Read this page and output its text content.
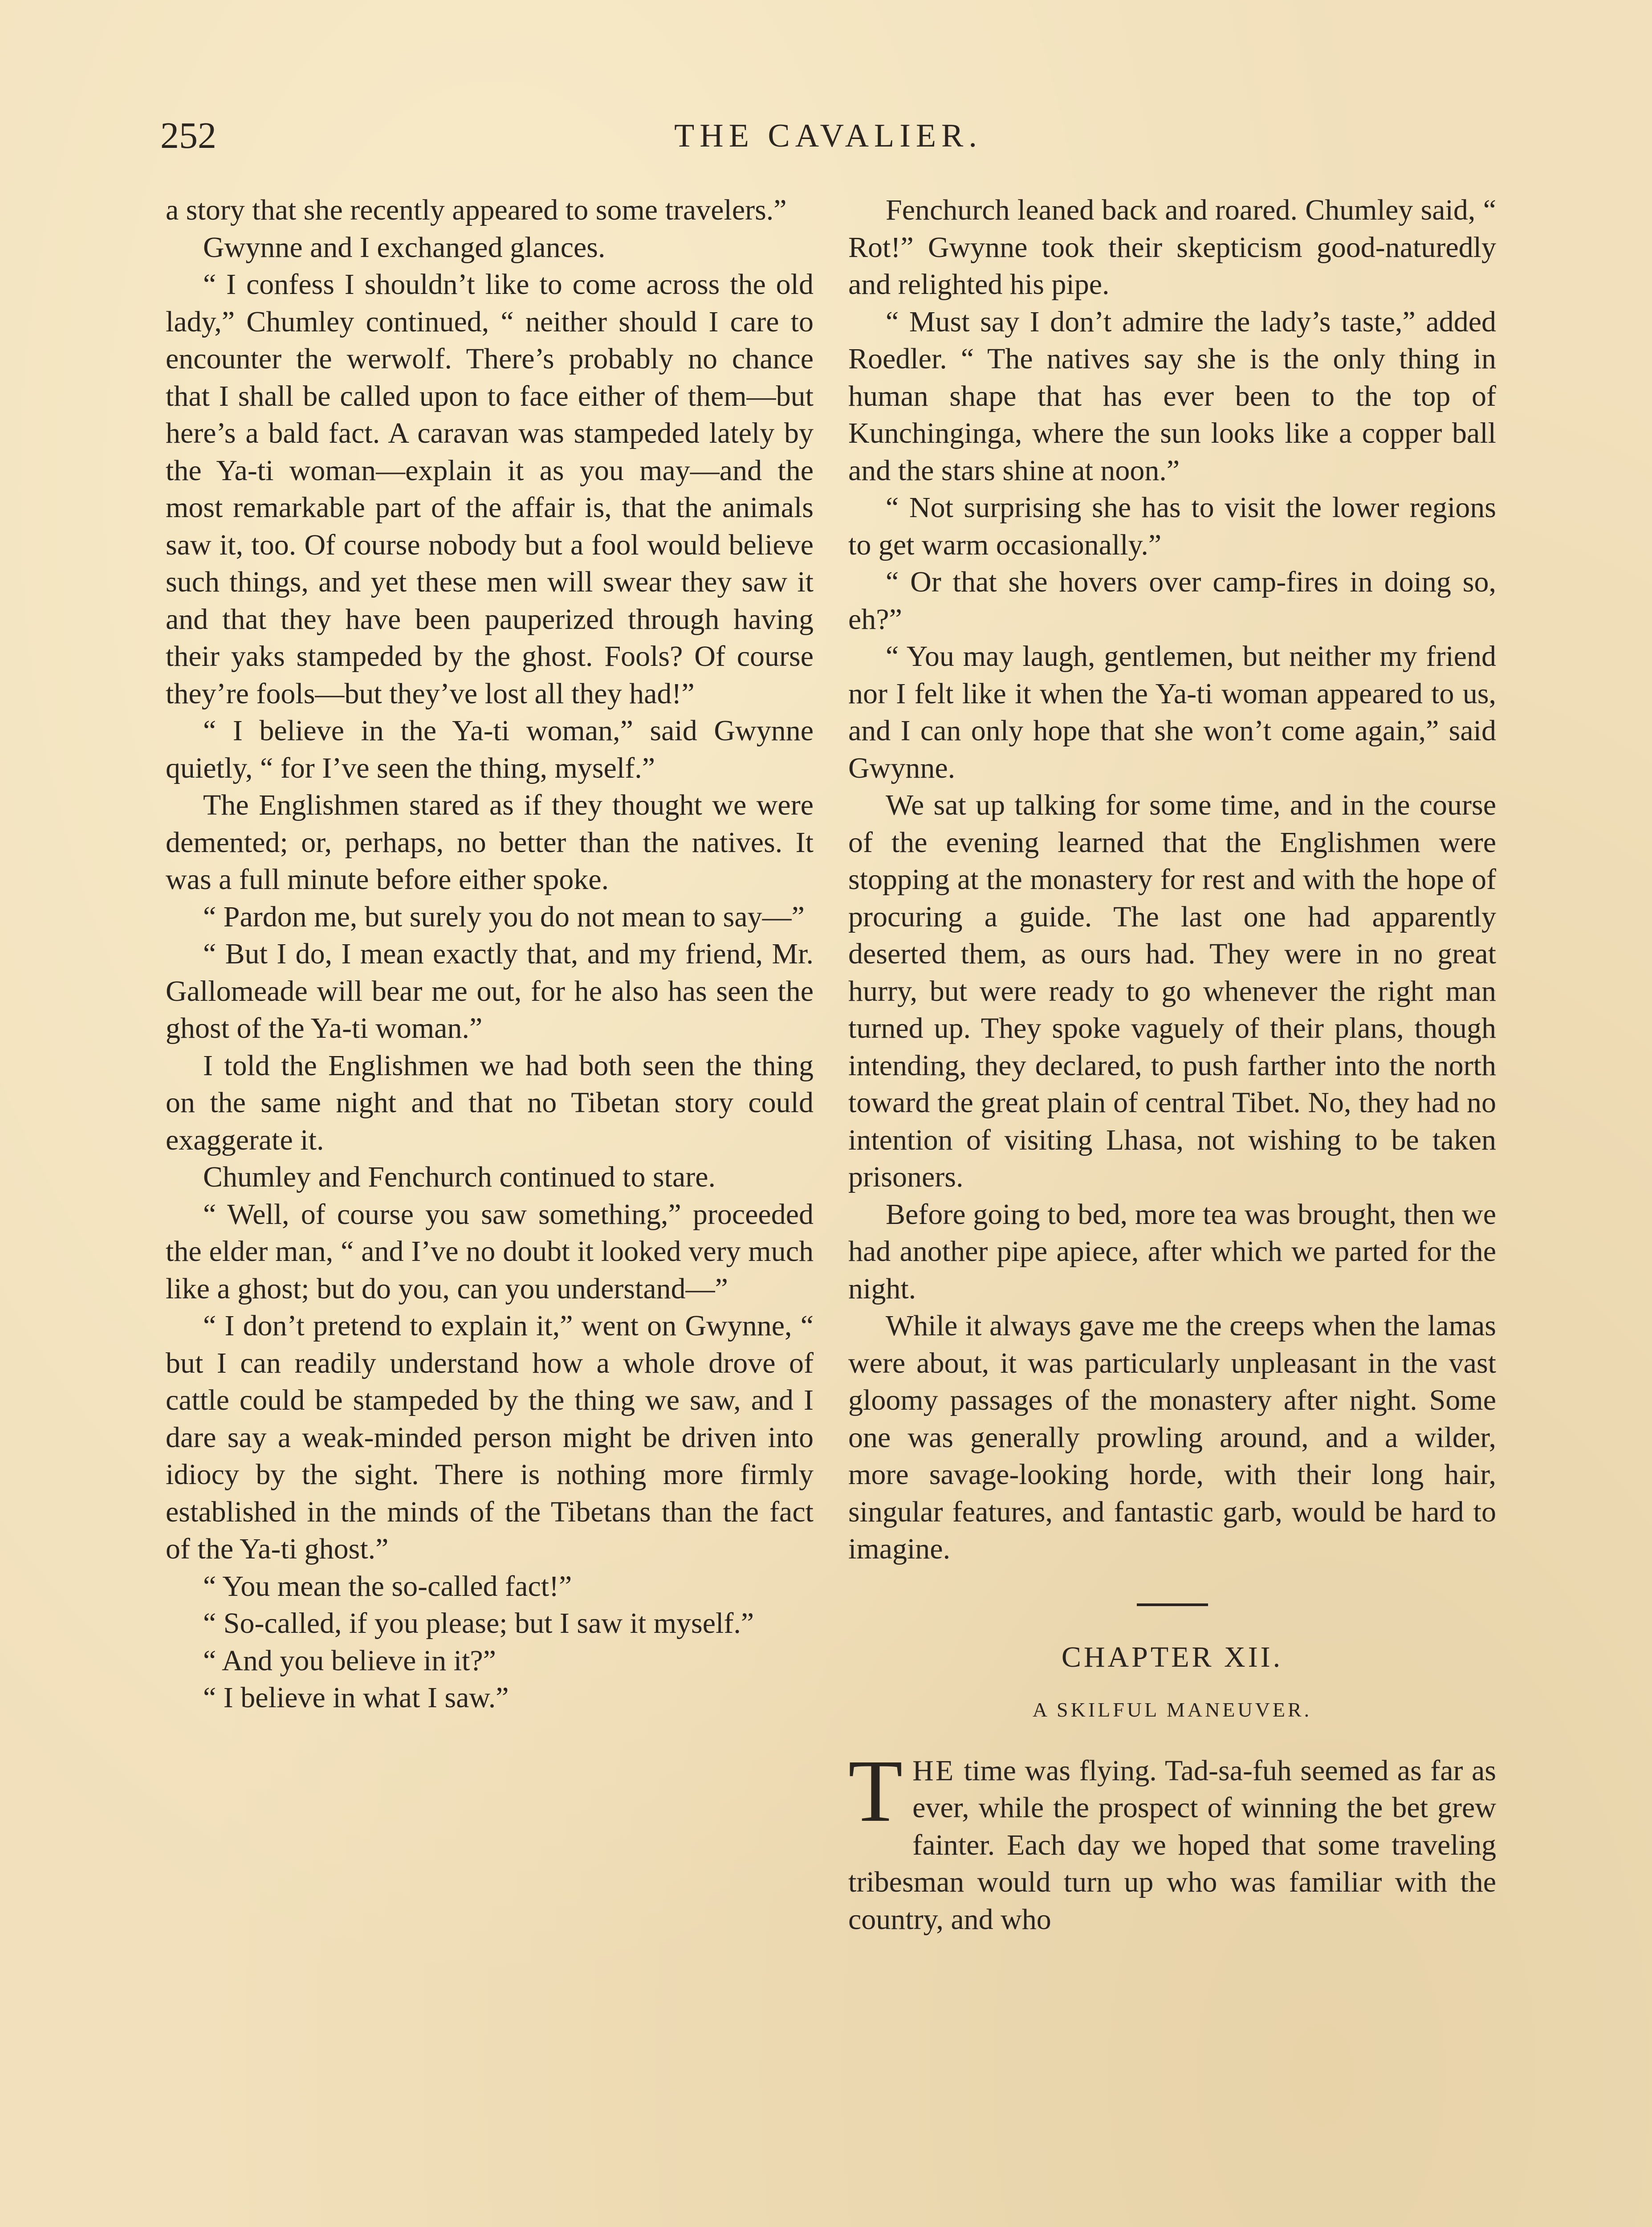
252	THE CAVALIER.

a story that she recently appeared to some travelers.”

Gwynne and I exchanged glances.

“ I confess I shouldn’t like to come across the old lady,” Chumley continued, “ neither should I care to encounter the werwolf. There’s probably no chance that I shall be called upon to face either of them—but here’s a bald fact. A caravan was stampeded lately by the Ya-ti woman—explain it as you may—and the most remarkable part of the affair is, that the animals saw it, too. Of course nobody but a fool would believe such things, and yet these men will swear they saw it and that they have been pauperized through having their yaks stampeded by the ghost. Fools? Of course they’re fools—but they’ve lost all they had!”

“ I believe in the Ya-ti woman,” said Gwynne quietly, “ for I’ve seen the thing, myself.”

The Englishmen stared as if they thought we were demented; or, perhaps, no better than the natives. It was a full minute before either spoke.

“ Pardon me, but surely you do not mean to say—”

“ But I do, I mean exactly that, and my friend, Mr. Gallomeade will bear me out, for he also has seen the ghost of the Ya-ti woman.”

I told the Englishmen we had both seen the thing on the same night and that no Tibetan story could exaggerate it.

Chumley and Fenchurch continued to stare.

“ Well, of course you saw something,” proceeded the elder man, “ and I’ve no doubt it looked very much like a ghost; but do you, can you understand—”

“ I don’t pretend to explain it,” went on Gwynne, “ but I can readily understand how a whole drove of cattle could be stampeded by the thing we saw, and I dare say a weak-minded person might be driven into idiocy by the sight. There is nothing more firmly established in the minds of the Tibetans than the fact of the Ya-ti ghost.”

“ You mean the so-called fact!”

“ So-called, if you please; but I saw it myself.”

“ And you believe in it?”

“ I believe in what I saw.”

Fenchurch leaned back and roared. Chumley said, “ Rot!” Gwynne took their skepticism good-naturedly and relighted his pipe.

“ Must say I don’t admire the lady’s taste,” added Roedler. “ The natives say she is the only thing in human shape that has ever been to the top of Kunchinginga, where the sun looks like a copper ball and the stars shine at noon.”

“ Not surprising she has to visit the lower regions to get warm occasionally.”

“ Or that she hovers over camp-fires in doing so, eh?”

“ You may laugh, gentlemen, but neither my friend nor I felt like it when the Ya-ti woman appeared to us, and I can only hope that she won’t come again,” said Gwynne.

We sat up talking for some time, and in the course of the evening learned that the Englishmen were stopping at the monastery for rest and with the hope of procuring a guide. The last one had apparently deserted them, as ours had. They were in no great hurry, but were ready to go whenever the right man turned up. They spoke vaguely of their plans, though intending, they declared, to push farther into the north toward the great plain of central Tibet. No, they had no intention of visiting Lhasa, not wishing to be taken prisoners.

Before going to bed, more tea was brought, then we had another pipe apiece, after which we parted for the night.

While it always gave me the creeps when the lamas were about, it was particularly unpleasant in the vast gloomy passages of the monastery after night. Some one was generally prowling around, and a wilder, more savage-looking horde, with their long hair, singular features, and fantastic garb, would be hard to imagine.

CHAPTER XII.

A SKILFUL MANEUVER.

THE time was flying. Tad-sa-fuh seemed as far as ever, while the prospect of winning the bet grew fainter. Each day we hoped that some traveling tribesman would turn up who was familiar with the country, and who
